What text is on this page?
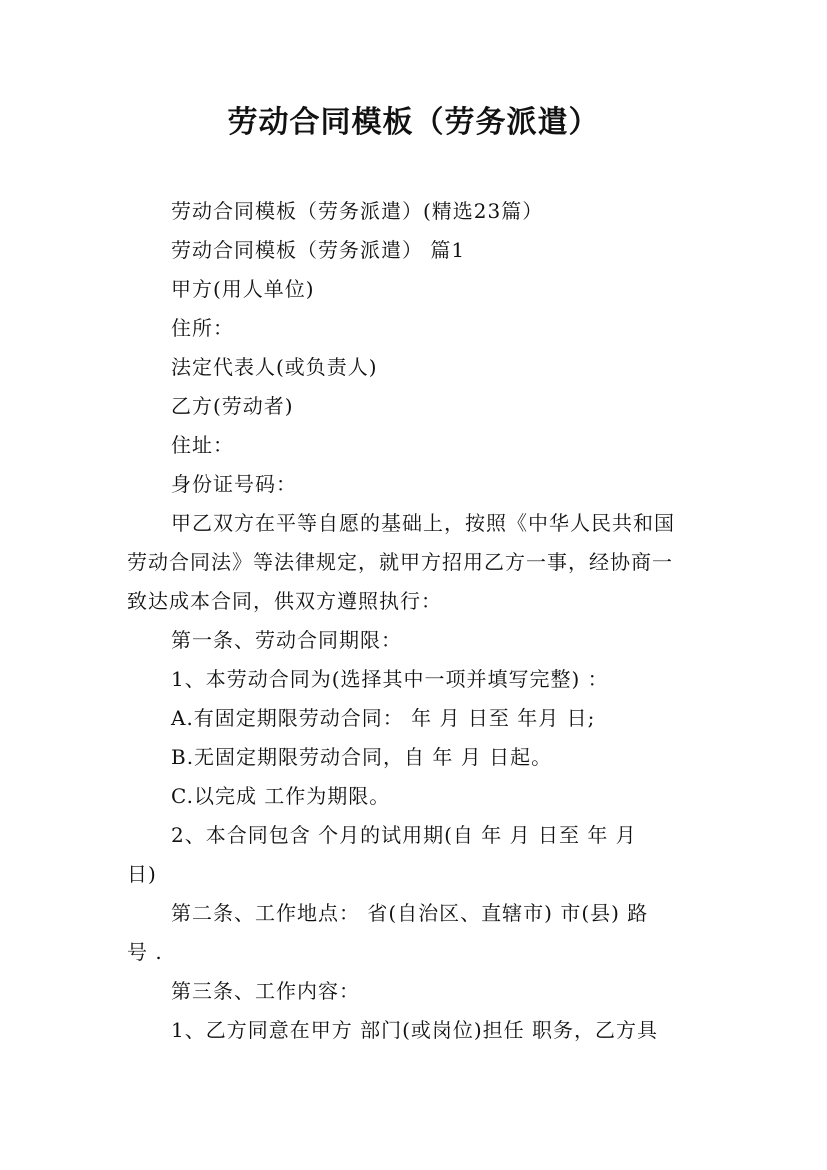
劳动合同模板（劳务派遣）
劳动合同模板（劳务派遣）(精选23篇）
劳动合同模板（劳务派遣） 篇1
甲方(用人单位)
住所：
法定代表人(或负责人)
乙方(劳动者)
住址：
身份证号码：
甲乙双方在平等自愿的基础上，按照《中华人民共和国
劳动合同法》等法律规定，就甲方招用乙方一事，经协商一
致达成本合同，供双方遵照执行：
第一条、劳动合同期限：
1、本劳动合同为(选择其中一项并填写完整) ：
A.有固定期限劳动合同： 年 月 日至 年月 日;
B.无固定期限劳动合同，自 年 月 日起。
C.以完成 工作为期限。
2、本合同包含 个月的试用期(自 年 月 日至 年 月
日)
第二条、工作地点： 省(自治区、直辖市) 市(县) 路
号 .
第三条、工作内容：
1、乙方同意在甲方 部门(或岗位)担任 职务，乙方具
